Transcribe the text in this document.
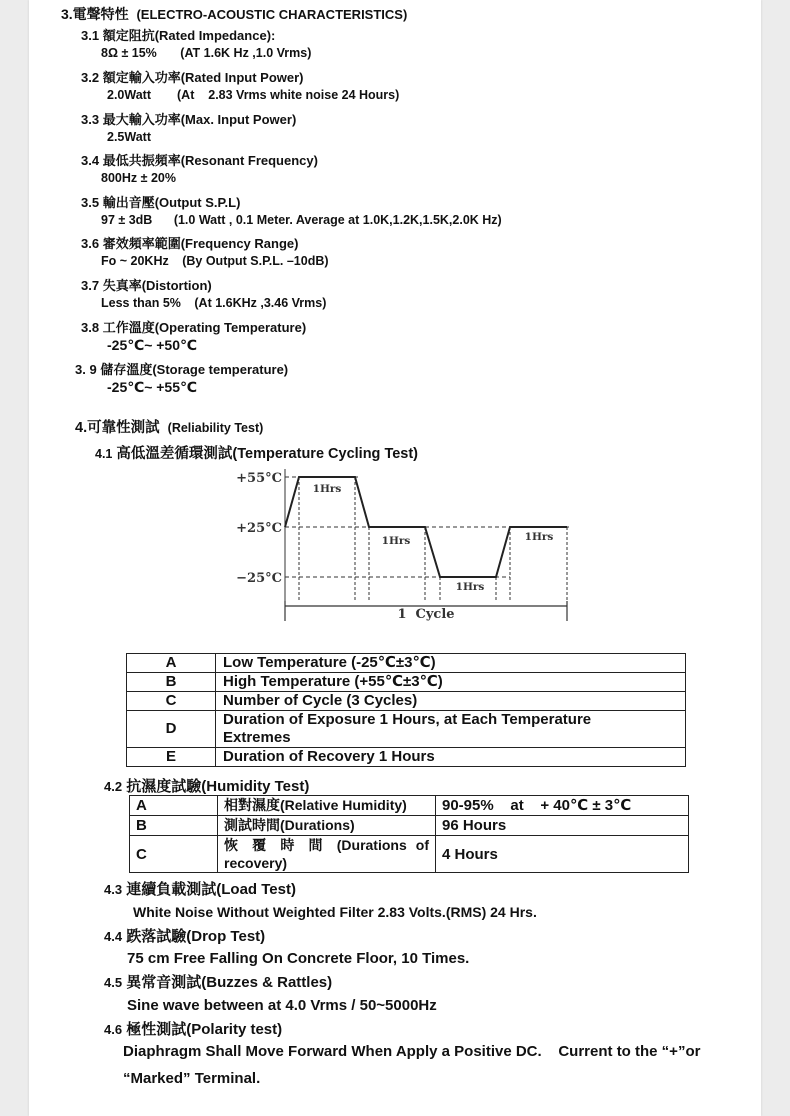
3.電聲特性 (ELECTRO-ACOUSTIC CHARACTERISTICS)
3.1 額定阻抗(Rated Impedance):
8Ω ± 15% (AT 1.6K Hz ,1.0 Vrms)
3.2 額定輸入功率(Rated Input Power)
2.0Watt (At    2.83 Vrms white noise 24 Hours)
3.3 最大輸入功率(Max. Input Power)
2.5Watt
3.4 最低共振頻率(Resonant Frequency)
800Hz ± 20%
3.5 輸出音壓(Output S.P.L)
97 ± 3dB (1.0 Watt , 0.1 Meter. Average at 1.0K,1.2K,1.5K,2.0K Hz)
3.6 審效頻率範圍(Frequency Range)
Fo ~ 20KHz (By Output S.P.L. –10dB)
3.7 失真率(Distortion)
Less than 5% (At 1.6KHz ,3.46 Vrms)
3.8 工作溫度(Operating Temperature)
-25℃~ +50℃
3. 9 儲存溫度(Storage temperature)
-25℃~ +55℃
4.可靠性測試 (Reliability Test)
4.1 高低溫差循環測試(Temperature Cycling Test)
+55°C
+25°C
−25°C
1Hrs
1Hrs
1Hrs
1Hrs
1  Cycle
A	Low Temperature (-25℃±3℃)
B	High Temperature (+55℃±3℃)
C	Number of Cycle (3 Cycles)
D	Duration of Exposure 1 Hours, at Each Temperature Extremes
E	Duration of Recovery 1 Hours
4.2 抗濕度試驗(Humidity Test)
A	相對濕度(Relative Humidity)	90-95%    at    + 40℃ ± 3℃
B	測試時間(Durations)	96 Hours
C	恢 覆 時 間 (Durations of recovery)	4 Hours
4.3 連續負載測試(Load Test)
White Noise Without Weighted Filter 2.83 Volts.(RMS) 24 Hrs.
4.4 跌落試驗(Drop Test)
75 cm Free Falling On Concrete Floor, 10 Times.
4.5 異常音測試(Buzzes & Rattles)
Sine wave between at 4.0 Vrms / 50~5000Hz
4.6 極性測試(Polarity test)
Diaphragm Shall Move Forward When Apply a Positive DC.    Current to the “+”or
“Marked” Terminal.
